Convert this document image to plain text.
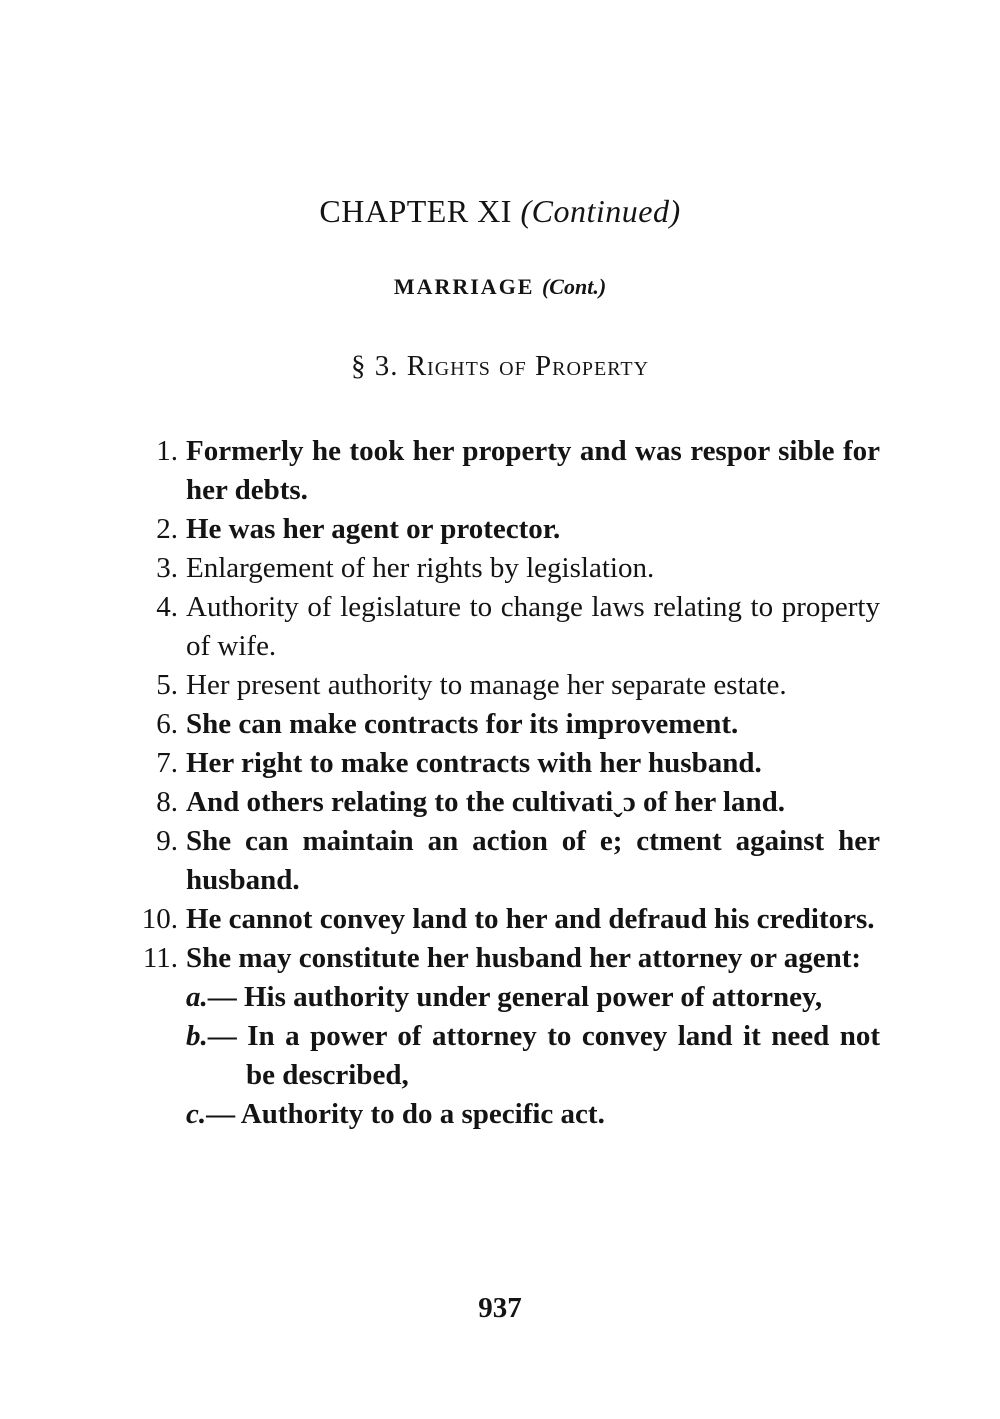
CHAPTER XI (Continued)
MARRIAGE (Cont.)
§ 3. Rights of Property
1. Formerly he took her property and was respor sible for her debts.
2. He was her agent or protector.
3. Enlargement of her rights by legislation.
4. Authority of legislature to change laws relating to property of wife.
5. Her present authority to manage her separate estate.
6. She can make contracts for its improvement.
7. Her right to make contracts with her husband.
8. And others relating to the cultivatiˬɔ of her land.
9. She can maintain an action of e; ctment against her husband.
10. He cannot convey land to her and defraud his creditors.
11. She may constitute her husband her attorney or agent:
a.— His authority under general power of attorney,
b.— In a power of attorney to convey land it need not be described,
c.— Authority to do a specific act.
937
